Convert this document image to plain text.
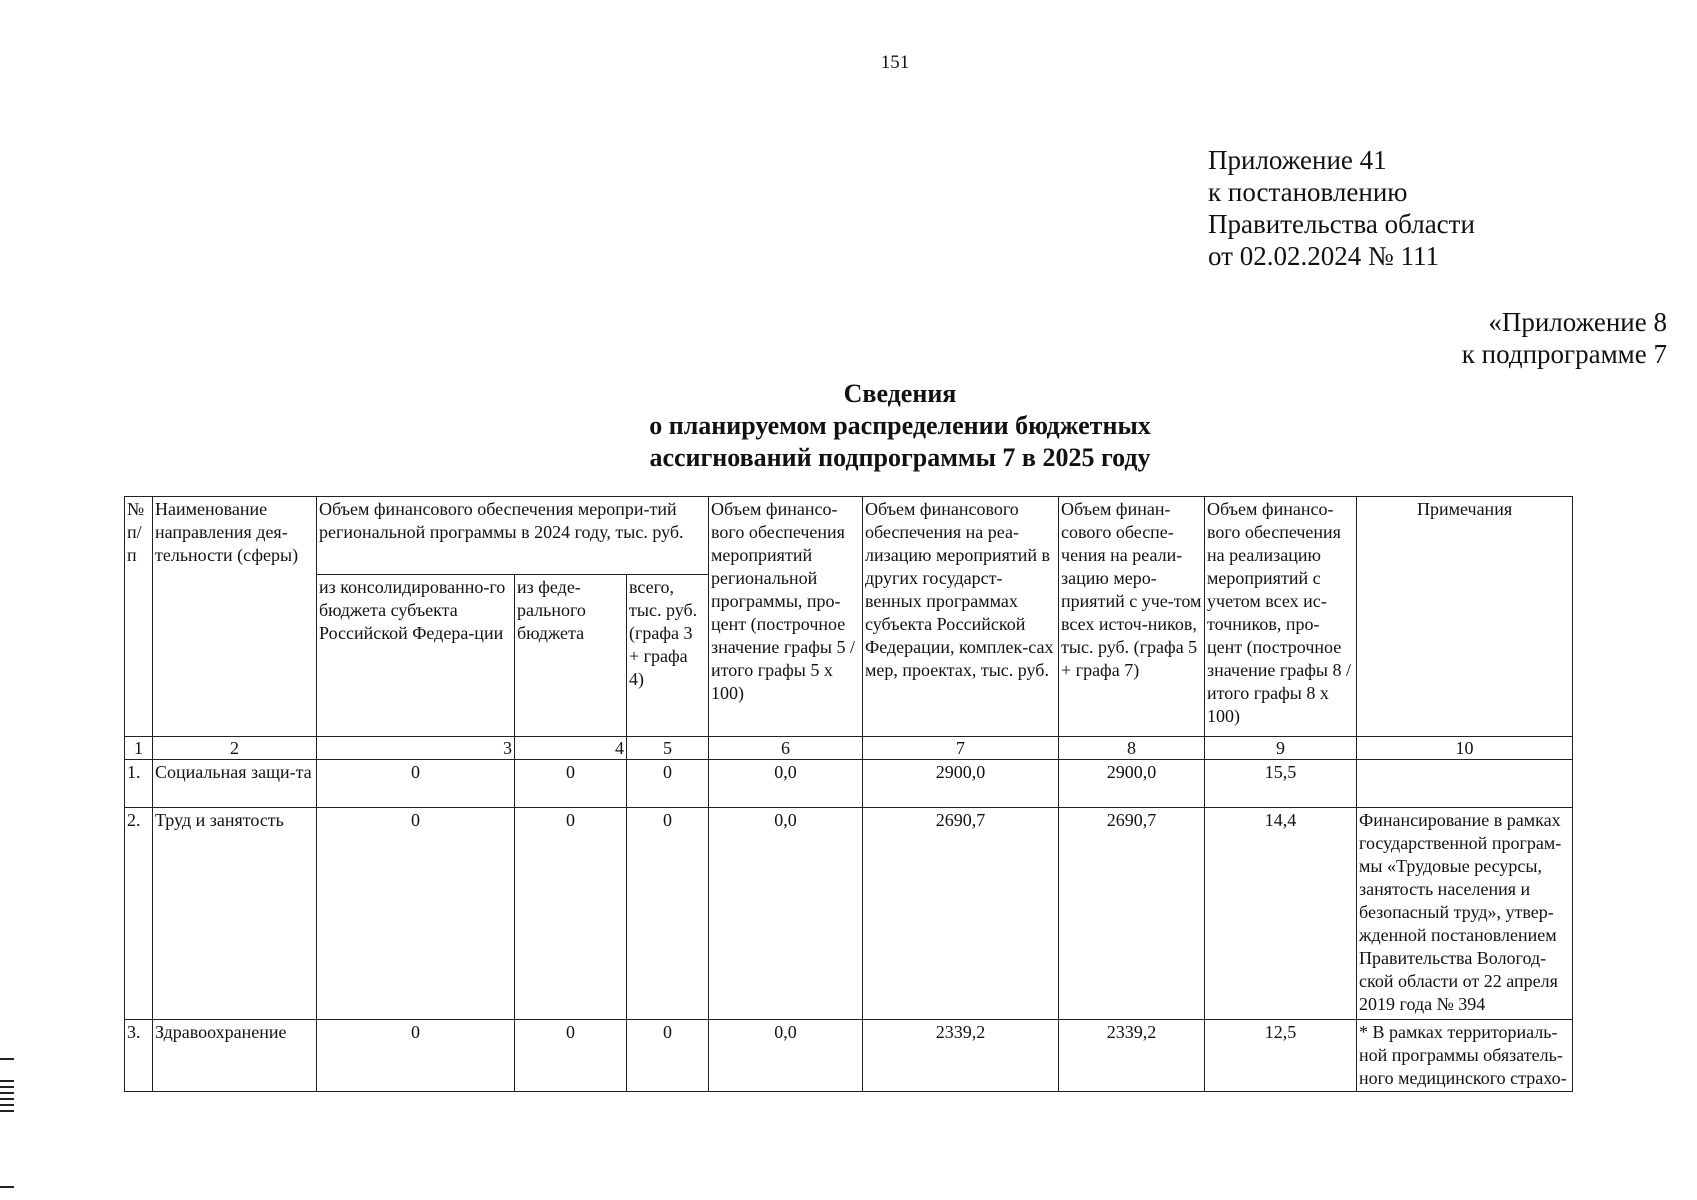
151
Приложение 41
к постановлению
Правительства области
от 02.02.2024 № 111
«Приложение 8
к подпрограмме 7
Сведения
о планируемом распределении бюджетных
ассигнований подпрограммы 7 в 2025 году
№ п/п	Наименование направления дея-тельности (сферы)	Объем финансового обеспечения меропри-тий региональной программы в 2024 году, тыс. руб.			Объем финансо-вого обеспечения мероприятий региональной программы, про-цент (построчное значение графы 5 / итого графы 5 х 100)	Объем финансового обеспечения на реа-лизацию мероприятий в других государст-венных программах субъекта Российской Федерации, комплек-сах мер, проектах, тыс. руб.	Объем финан-сового обеспе-чения на реали-зацию меро-приятий с уче-том всех источ-ников, тыс. руб. (графа 5 + графа 7)	Объем финансо-вого обеспечения на реализацию мероприятий с учетом всех ис-точников, про-цент (построчное значение графы 8 / итого графы 8 х 100)	Примечания
		из консолидированно-го бюджета субъекта Российской Федера-ции	из феде-рального бюджета	всего, тыс. руб. (графа 3 + графа 4)					
1	2	3	4	5	6	7	8	9	10
1.	Социальная защи-та	0	0	0	0,0	2900,0	2900,0	15,5	
2.	Труд и занятость	0	0	0	0,0	2690,7	2690,7	14,4	Финансирование в рамках государственной програм-мы «Трудовые ресурсы, занятость населения и безопасный труд», утвер-жденной постановлением Правительства Вологод-ской области от 22 апреля 2019 года № 394
3.	Здравоохранение	0	0	0	0,0	2339,2	2339,2	12,5	* В рамках территориаль-ной программы обязатель-ного медицинского страхо-
